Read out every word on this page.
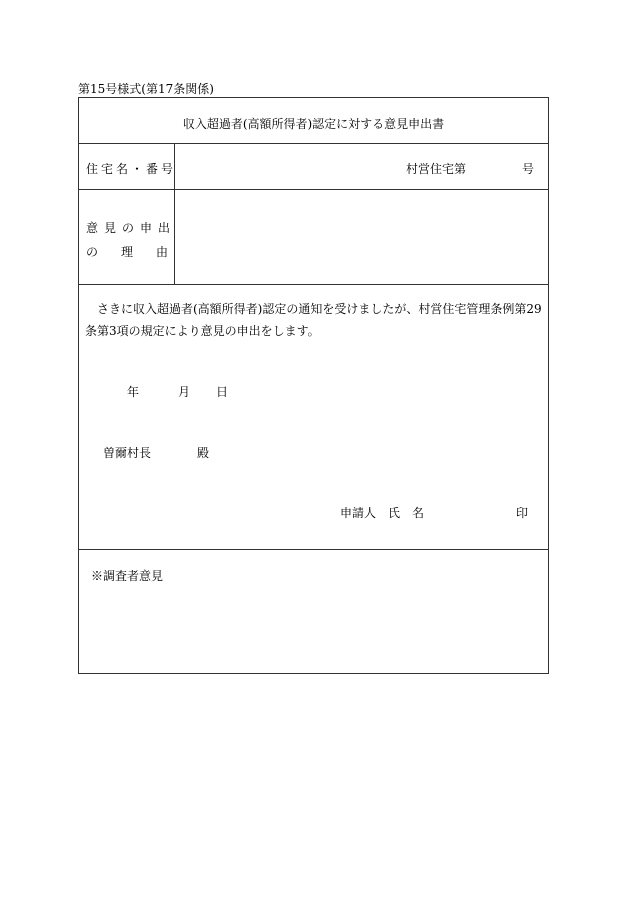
第15号様式(第17条関係)
収入超過者(高額所得者)認定に対する意見申出書
住宅名・番号	村営住宅第	号
意見の申出
の 理 由
さきに収入超過者(高額所得者)認定の通知を受けましたが、村営住宅管理条例第29条第3項の規定により意見の申出をします。
年	月 日
曽爾村長	殿
申請人　氏　名	印
※調査者意見
